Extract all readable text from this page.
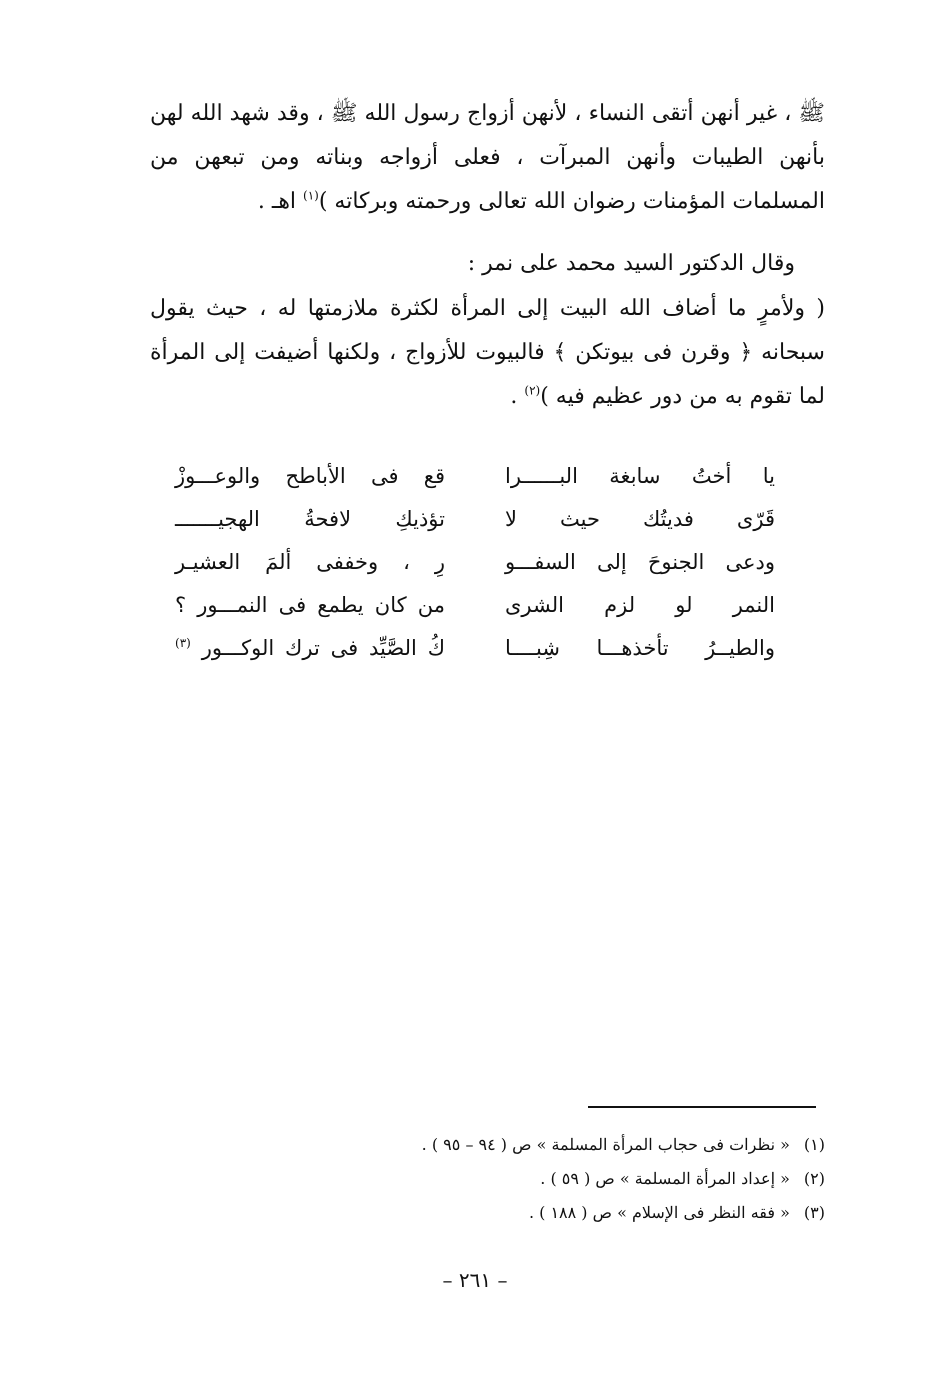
ﷺ ، غير أنهن أتقى النساء ، لأنهن أزواج رسول الله ﷺ ، وقد شهد الله لهن بأنهن الطيبات وأنهن المبرآت ، فعلى أزواجه وبناته ومن تبعهن من المسلمات المؤمنات رضوان الله تعالى ورحمته وبركاته )$^{(١)}$ اهـ .

وقال الدكتور السيد محمد على نمر :

( ولأمرٍ ما أضاف الله البيت إلى المرأة لكثرة ملازمتها له ، حيث يقول سبحانه ﴿ وقرن فى بيوتكن ﴾ فالبيوت للأزواج ، ولكنها أضيفت إلى المرأة لما تقوم به من دور عظيم فيه )$^{(٢)}$ .

يا أختُ سابغة البــــــرا
قع فى الأباطح والوعـــوزْ
قَرّى فديتُك حيث لا
تؤذيكِ لافحةُ الهجيـــــــ
ودعى الجنوحَ إلى السفـــو
رِ ، وخففى ألمَ العشيـر
النمر لو لزم الشرى
من كان يطمع فى النمـــور ؟
والطيــرُ تأخذهـــا شِبــــا
كُ الصَّيِّد فى ترك الوكـــور $^{(٣)}$
(١)« نظرات فى حجاب المرأة المسلمة » ص ( ٩٤ – ٩٥ ) .
(٢)« إعداد المرأة المسلمة » ص ( ٥٩ ) .
(٣)« فقه النظر فى الإسلام » ص ( ١٨٨ ) .
– ٢٦١ –
